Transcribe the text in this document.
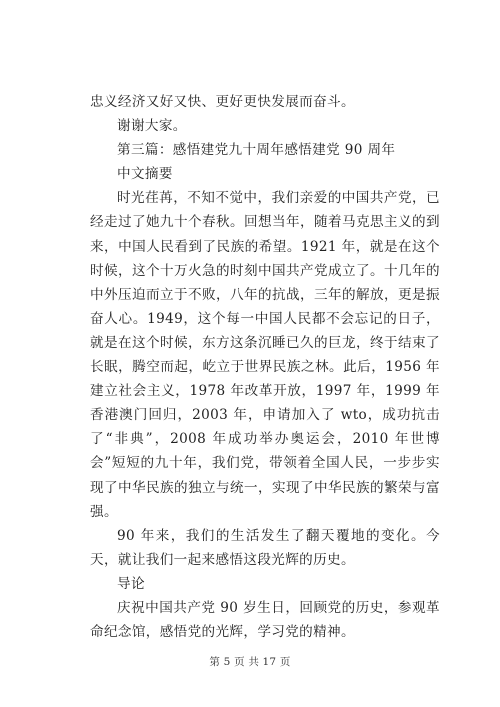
忠义经济又好又快、更好更快发展而奋斗。

谢谢大家。

第三篇：感悟建党九十周年感悟建党 90 周年

中文摘要

时光荏苒，不知不觉中，我们亲爱的中国共产党，已经走过了她九十个春秋。回想当年，随着马克思主义的到来，中国人民看到了民族的希望。1921 年，就是在这个时候，这个十万火急的时刻中国共产党成立了。十几年的中外压迫而立于不败，八年的抗战，三年的解放，更是振奋人心。1949，这个每一中国人民都不会忘记的日子，就是在这个时候，东方这条沉睡已久的巨龙，终于结束了长眠，腾空而起，屹立于世界民族之林。此后，1956 年建立社会主义，1978 年改革开放，1997 年，1999 年香港澳门回归，2003 年，申请加入了 wto，成功抗击了“非典”，2008 年成功举办奥运会，2010 年世博会”短短的九十年，我们党，带领着全国人民，一步步实现了中华民族的独立与统一，实现了中华民族的繁荣与富强。

90 年来，我们的生活发生了翻天覆地的变化。今天，就让我们一起来感悟这段光辉的历史。

导论

庆祝中国共产党 90 岁生日，回顾党的历史，参观革命纪念馆，感悟党的光辉，学习党的精神。

第 5 页 共 17 页
